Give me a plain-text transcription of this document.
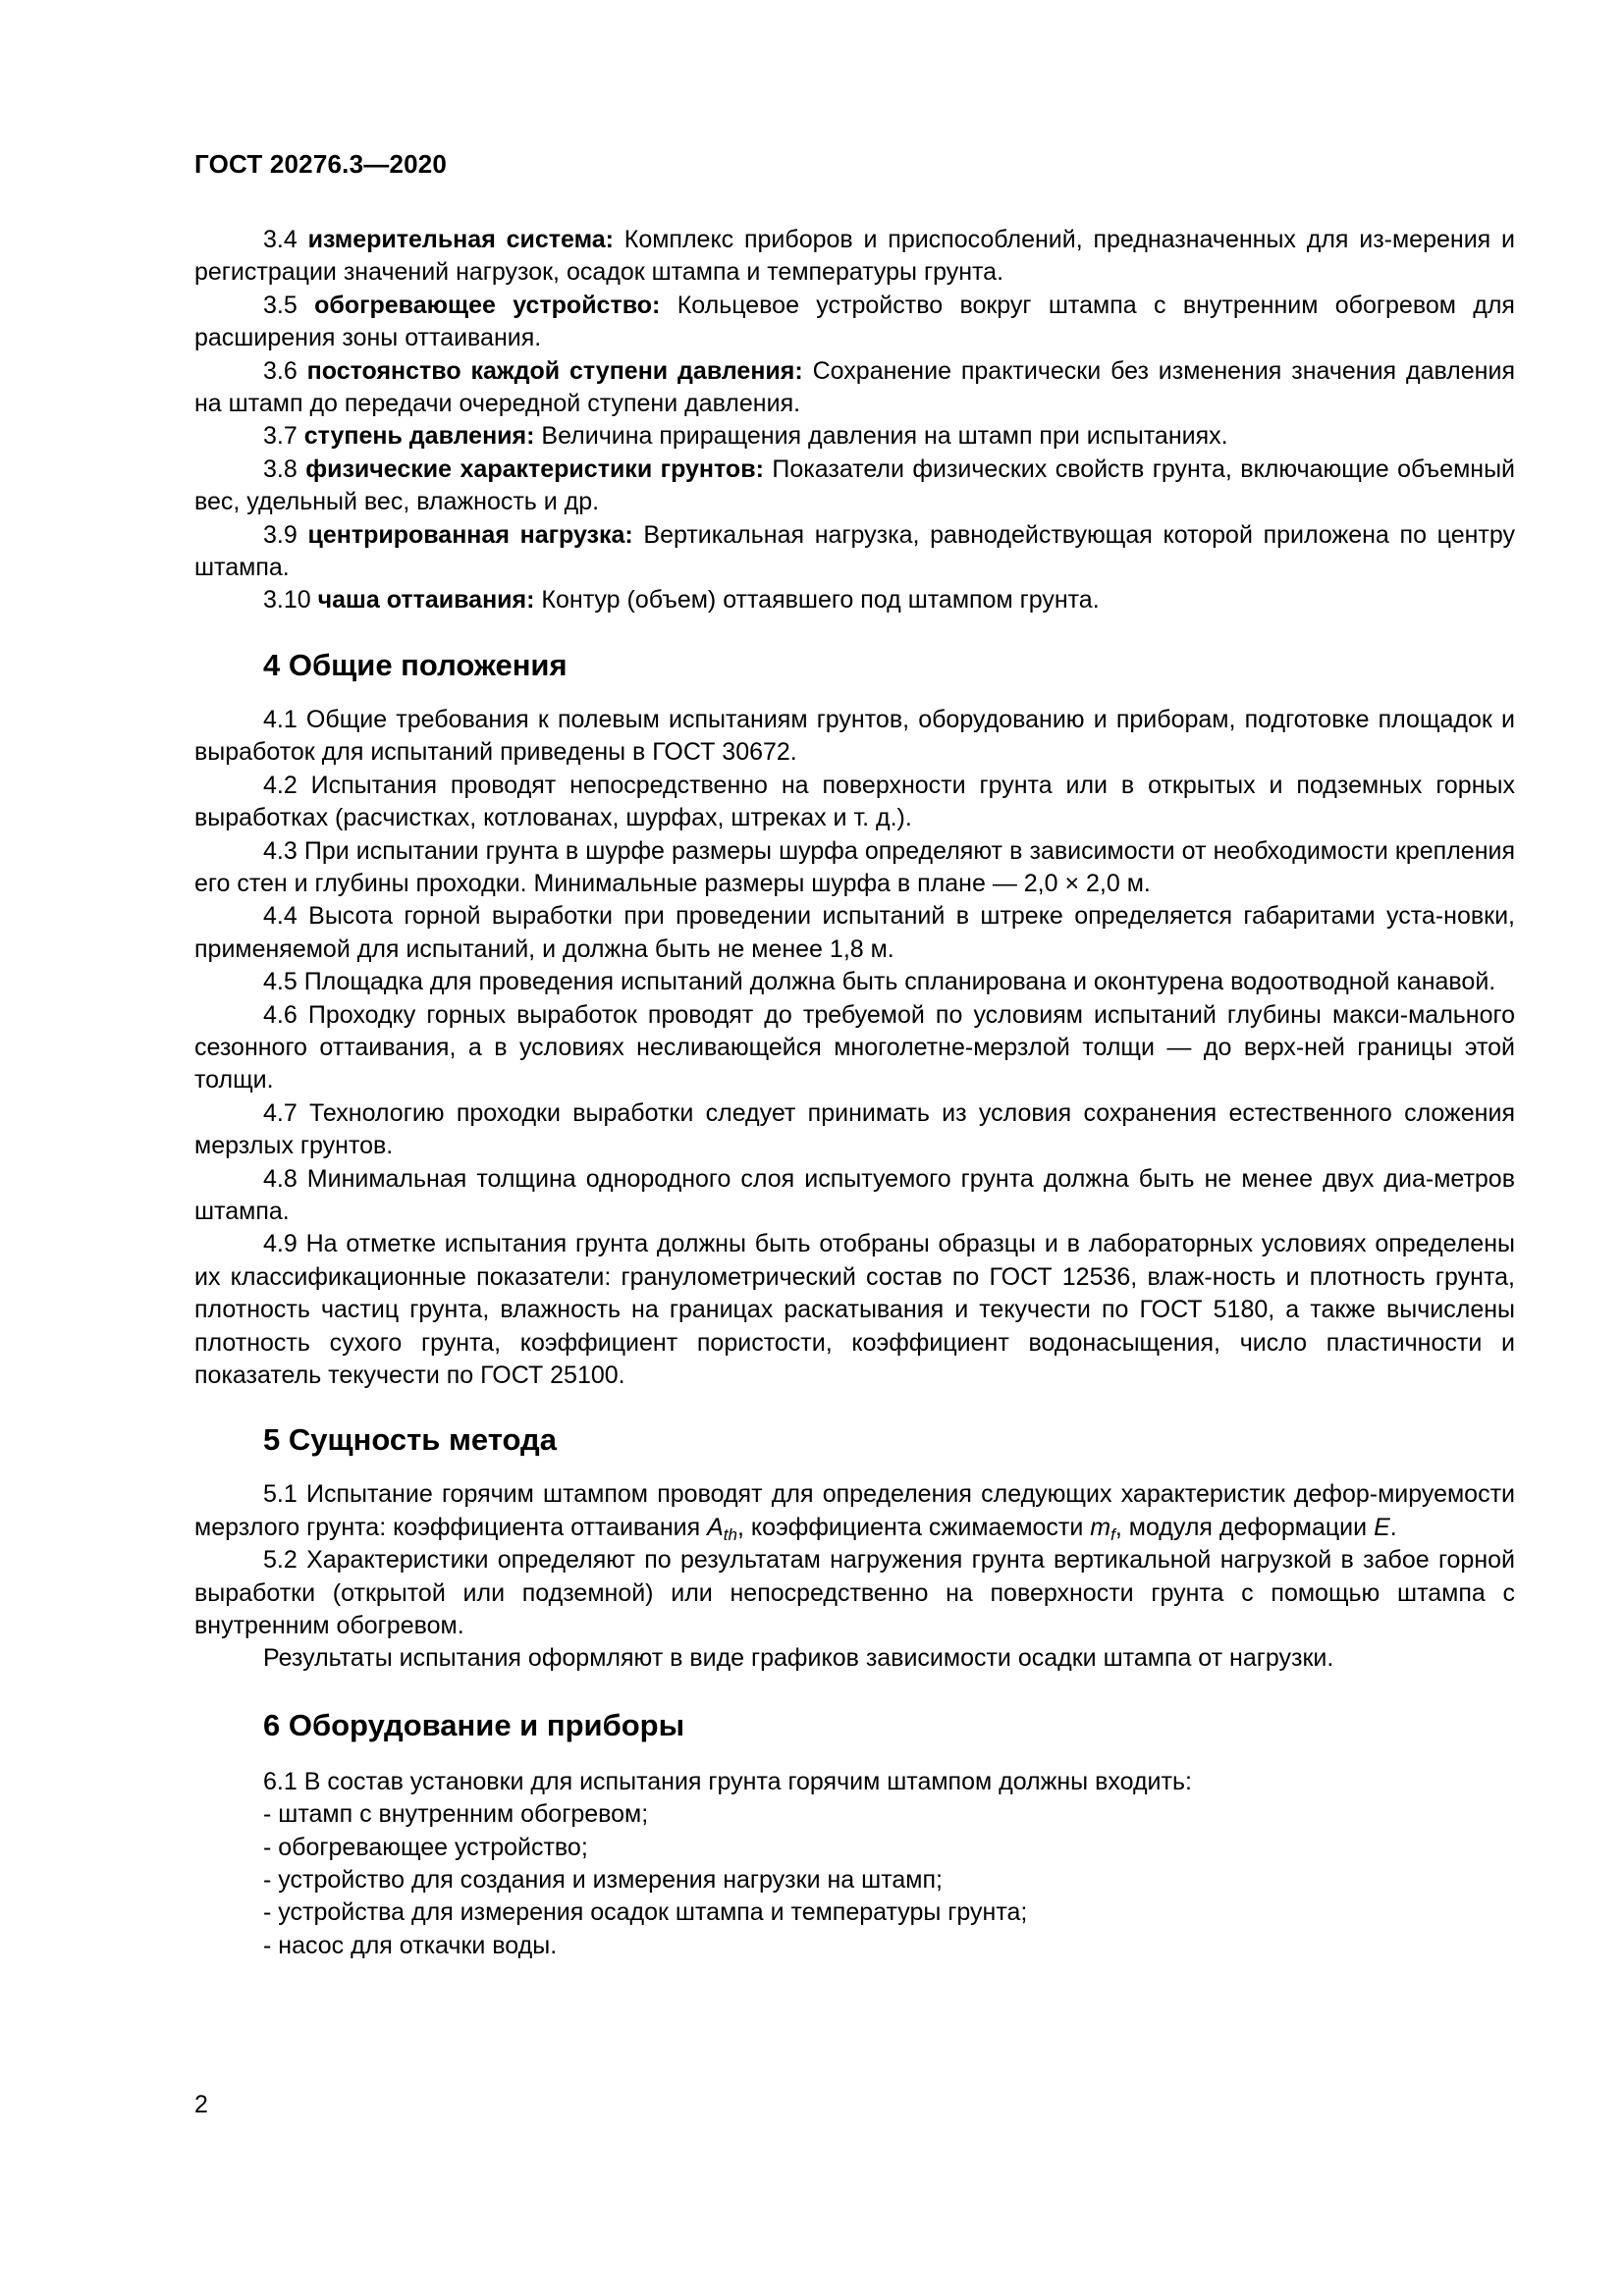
ГОСТ 20276.3—2020

3.4 измерительная система: Комплекс приборов и приспособлений, предназначенных для из-мерения и регистрации значений нагрузок, осадок штампа и температуры грунта.

3.5 обогревающее устройство: Кольцевое устройство вокруг штампа с внутренним обогревом для расширения зоны оттаивания.

3.6 постоянство каждой ступени давления: Сохранение практически без изменения значения давления на штамп до передачи очередной ступени давления.

3.7 ступень давления: Величина приращения давления на штамп при испытаниях.

3.8 физические характеристики грунтов: Показатели физических свойств грунта, включающие объемный вес, удельный вес, влажность и др.

3.9 центрированная нагрузка: Вертикальная нагрузка, равнодействующая которой приложена по центру штампа.

3.10 чаша оттаивания: Контур (объем) оттаявшего под штампом грунта.

4 Общие положения

4.1 Общие требования к полевым испытаниям грунтов, оборудованию и приборам, подготовке площадок и выработок для испытаний приведены в ГОСТ 30672.

4.2 Испытания проводят непосредственно на поверхности грунта или в открытых и подземных горных выработках (расчистках, котлованах, шурфах, штреках и т. д.).

4.3 При испытании грунта в шурфе размеры шурфа определяют в зависимости от необходимости крепления его стен и глубины проходки. Минимальные размеры шурфа в плане — 2,0 × 2,0 м.

4.4 Высота горной выработки при проведении испытаний в штреке определяется габаритами уста-новки, применяемой для испытаний, и должна быть не менее 1,8 м.

4.5 Площадка для проведения испытаний должна быть спланирована и оконтурена водоотводной канавой.

4.6 Проходку горных выработок проводят до требуемой по условиям испытаний глубины макси-мального сезонного оттаивания, а в условиях несливающейся многолетне-мерзлой толщи — до верх-ней границы этой толщи.

4.7 Технологию проходки выработки следует принимать из условия сохранения естественного сложения мерзлых грунтов.

4.8 Минимальная толщина однородного слоя испытуемого грунта должна быть не менее двух диа-метров штампа.

4.9 На отметке испытания грунта должны быть отобраны образцы и в лабораторных условиях определены их классификационные показатели: гранулометрический состав по ГОСТ 12536, влаж-ность и плотность грунта, плотность частиц грунта, влажность на границах раскатывания и текучести по ГОСТ 5180, а также вычислены плотность сухого грунта, коэффициент пористости, коэффициент водонасыщения, число пластичности и показатель текучести по ГОСТ 25100.

5 Сущность метода

5.1 Испытание горячим штампом проводят для определения следующих характеристик дефор-мируемости мерзлого грунта: коэффициента оттаивания $A_{th}$, коэффициента сжимаемости $m_f$, модуля деформации E.

5.2 Характеристики определяют по результатам нагружения грунта вертикальной нагрузкой в забое горной выработки (открытой или подземной) или непосредственно на поверхности грунта с помощью штампа с внутренним обогревом.

Результаты испытания оформляют в виде графиков зависимости осадки штампа от нагрузки.

6 Оборудование и приборы

6.1 В состав установки для испытания грунта горячим штампом должны входить:

- штамп с внутренним обогревом;
- обогревающее устройство;
- устройство для создания и измерения нагрузки на штамп;
- устройства для измерения осадок штампа и температуры грунта;
- насос для откачки воды.
2
